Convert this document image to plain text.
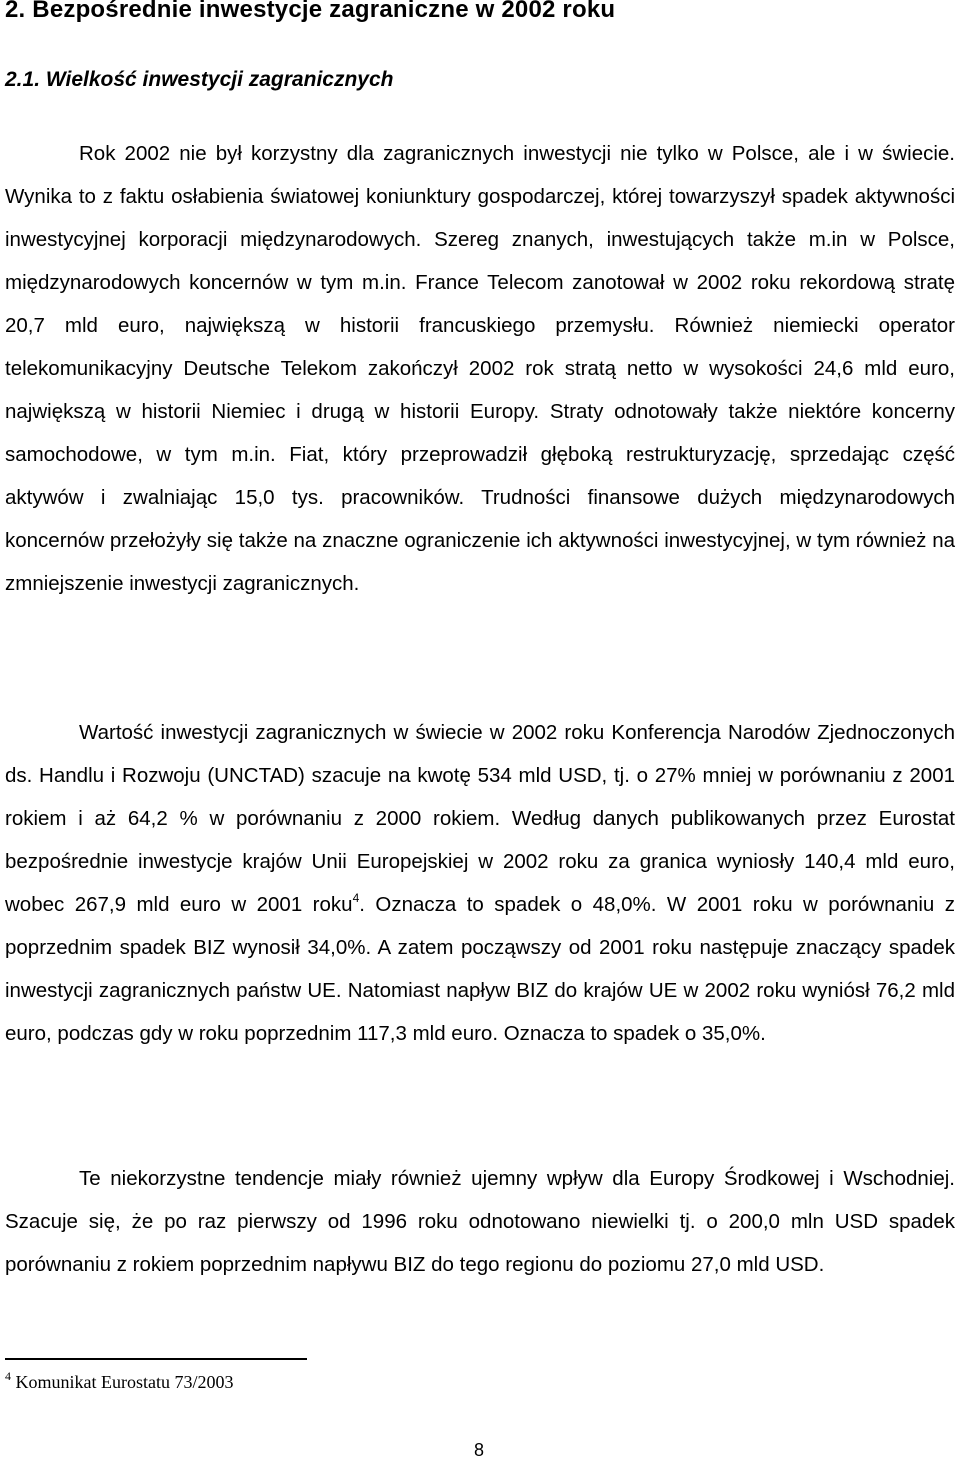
2. Bezpośrednie inwestycje zagraniczne w 2002 roku
2.1. Wielkość inwestycji zagranicznych

Rok 2002 nie był korzystny dla zagranicznych inwestycji nie tylko w Polsce, ale i w świecie. Wynika to z faktu osłabienia światowej koniunktury gospodarczej, której towarzyszył spadek aktywności inwestycyjnej korporacji międzynarodowych. Szereg znanych, inwestujących także m.in w Polsce, międzynarodowych koncernów w tym m.in. France Telecom zanotował w 2002 roku rekordową stratę 20,7 mld euro, największą w historii francuskiego przemysłu. Również niemiecki operator telekomunikacyjny Deutsche Telekom zakończył 2002 rok stratą netto w wysokości 24,6 mld euro, największą w historii Niemiec i drugą w historii Europy. Straty odnotowały także niektóre koncerny samochodowe, w tym m.in. Fiat, który przeprowadził głęboką restrukturyzację, sprzedając część aktywów i zwalniając 15,0 tys. pracowników. Trudności finansowe dużych międzynarodowych koncernów przełożyły się także na znaczne ograniczenie ich aktywności inwestycyjnej, w tym również na zmniejszenie inwestycji zagranicznych.

Wartość inwestycji zagranicznych w świecie w 2002 roku Konferencja Narodów Zjednoczonych ds. Handlu i Rozwoju (UNCTAD) szacuje na kwotę 534 mld USD, tj. o 27% mniej w porównaniu z 2001 rokiem i aż 64,2 % w porównaniu z 2000 rokiem. Według danych publikowanych przez Eurostat bezpośrednie inwestycje krajów Unii Europejskiej w 2002 roku za granica wyniosły 140,4 mld euro, wobec 267,9 mld euro w 2001 roku$^4$. Oznacza to spadek o 48,0%. W 2001 roku w porównaniu z poprzednim spadek BIZ wynosił 34,0%. A zatem począwszy od 2001 roku następuje znaczący spadek inwestycji zagranicznych państw UE. Natomiast napływ BIZ do krajów UE w 2002 roku wyniósł 76,2 mld euro, podczas gdy w roku poprzednim 117,3 mld euro. Oznacza to spadek o 35,0%.

Te niekorzystne tendencje miały również ujemny wpływ dla Europy Środkowej i Wschodniej. Szacuje się, że po raz pierwszy od 1996 roku odnotowano niewielki tj. o 200,0 mln USD spadek porównaniu z rokiem poprzednim napływu BIZ do tego regionu do poziomu 27,0 mld USD.

$^4$ Komunikat Eurostatu 73/2003
8
